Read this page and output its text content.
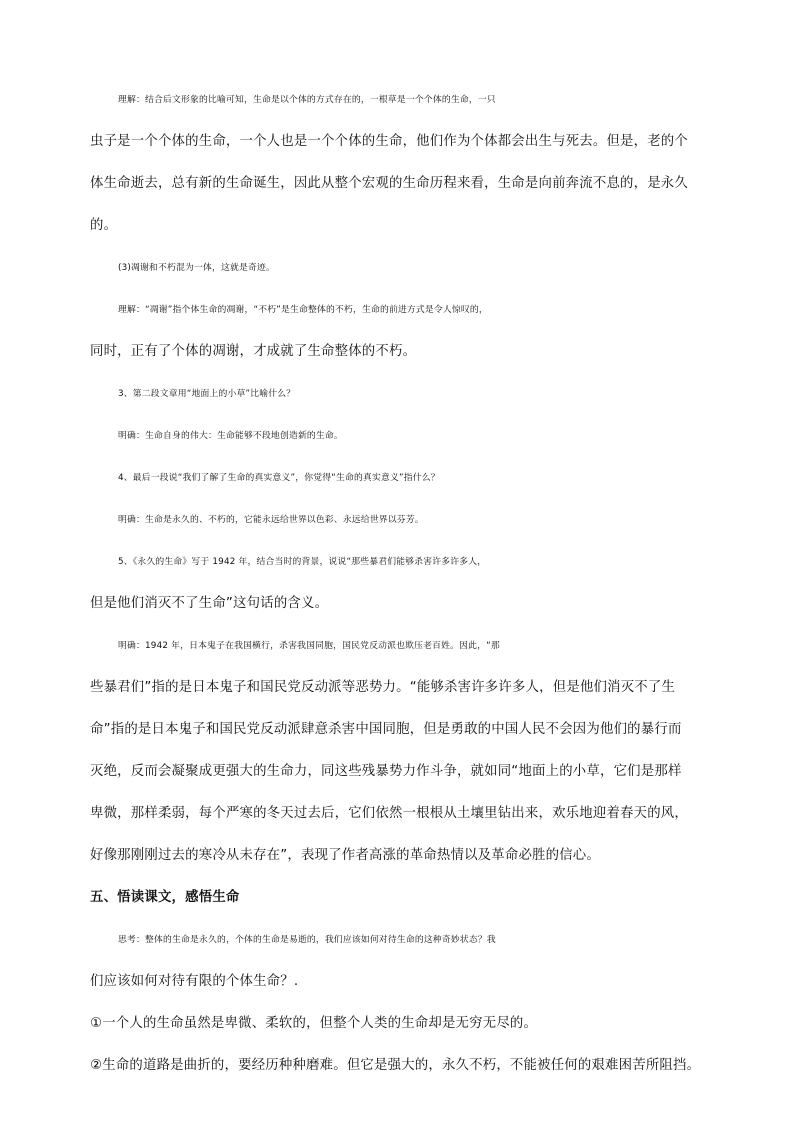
理解：结合后文形象的比喻可知，生命是以个体的方式存在的，一根草是一个个体的生命，一只
虫子是一个个体的生命，一个人也是一个个体的生命，他们作为个体都会出生与死去。但是，老的个
体生命逝去，总有新的生命诞生，因此从整个宏观的生命历程来看，生命是向前奔流不息的，是永久
的。
(3)凋谢和不朽混为一体，这就是奇迹。
理解：“凋谢”指个体生命的凋谢，“不朽”是生命整体的不朽，生命的前进方式是令人惊叹的，
同时，正有了个体的凋谢，才成就了生命整体的不朽。
3、第二段文章用“地面上的小草”比喻什么？
明确：生命自身的伟大：生命能够不段地创造新的生命。
4、最后一段说“我们了解了生命的真实意义”，你觉得“生命的真实意义”指什么？
明确：生命是永久的、不朽的，它能永远给世界以色彩、永远给世界以芬芳。
5、《永久的生命》写于 1942 年，结合当时的背景，说说“那些暴君们能够杀害许多许多人，
但是他们消灭不了生命”这句话的含义。
明确：1942 年，日本鬼子在我国横行，杀害我国同胞，国民党反动派也欺压老百姓。因此，“那
些暴君们”指的是日本鬼子和国民党反动派等恶势力。“能够杀害许多许多人，但是他们消灭不了生
命”指的是日本鬼子和国民党反动派肆意杀害中国同胞，但是勇敢的中国人民不会因为他们的暴行而
灭绝，反而会凝聚成更强大的生命力，同这些残暴势力作斗争，就如同“地面上的小草，它们是那样
卑微，那样柔弱，每个严寒的冬天过去后，它们依然一根根从土壤里钻出来，欢乐地迎着春天的风，
好像那刚刚过去的寒冷从未存在”，表现了作者高涨的革命热情以及革命必胜的信心。
五、悟读课文，感悟生命
思考：整体的生命是永久的，个体的生命是易逝的，我们应该如何对待生命的这种奇妙状态？我
们应该如何对待有限的个体生命？.
①一个人的生命虽然是卑微、柔软的，但整个人类的生命却是无穷无尽的。
②生命的道路是曲折的，要经历种种磨难。但它是强大的，永久不朽，不能被任何的艰难困苦所阻挡。
